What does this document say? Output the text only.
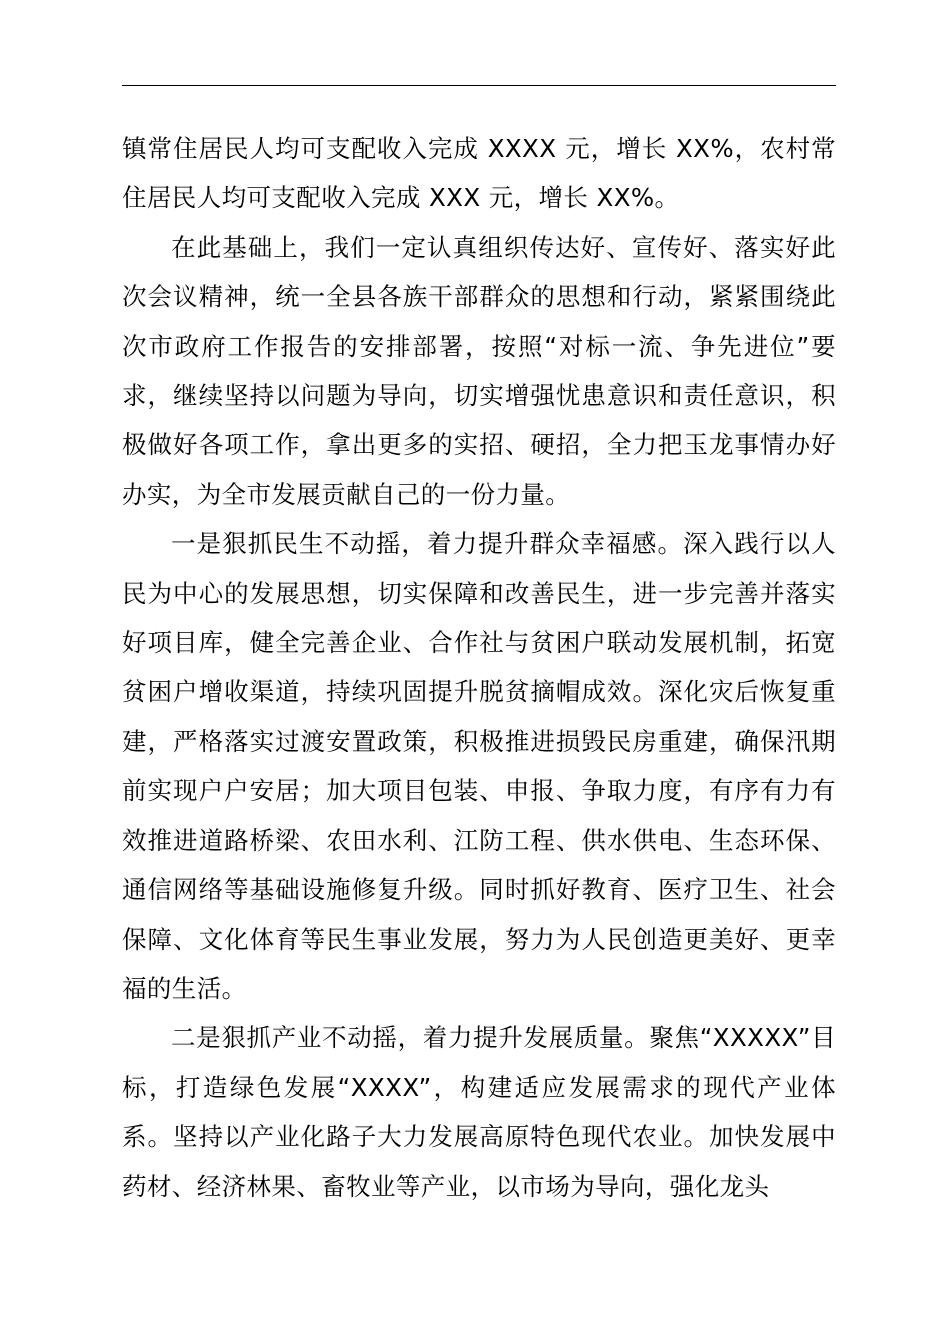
镇常住居民人均可支配收入完成 XXXX 元，增长 XX%，农村常住居民人均可支配收入完成 XXX 元，增长 XX%。

在此基础上，我们一定认真组织传达好、宣传好、落实好此次会议精神，统一全县各族干部群众的思想和行动，紧紧围绕此次市政府工作报告的安排部署，按照“对标一流、争先进位”要求，继续坚持以问题为导向，切实增强忧患意识和责任意识，积极做好各项工作，拿出更多的实招、硬招，全力把玉龙事情办好办实，为全市发展贡献自己的一份力量。

一是狠抓民生不动摇，着力提升群众幸福感。深入践行以人民为中心的发展思想，切实保障和改善民生，进一步完善并落实好项目库，健全完善企业、合作社与贫困户联动发展机制，拓宽贫困户增收渠道，持续巩固提升脱贫摘帽成效。深化灾后恢复重建，严格落实过渡安置政策，积极推进损毁民房重建，确保汛期前实现户户安居；加大项目包装、申报、争取力度，有序有力有效推进道路桥梁、农田水利、江防工程、供水供电、生态环保、通信网络等基础设施修复升级。同时抓好教育、医疗卫生、社会保障、文化体育等民生事业发展，努力为人民创造更美好、更幸福的生活。

二是狠抓产业不动摇，着力提升发展质量。聚焦“XXXXX”目标，打造绿色发展“XXXX”，构建适应发展需求的现代产业体系。坚持以产业化路子大力发展高原特色现代农业。加快发展中药材、经济林果、畜牧业等产业，以市场为导向，强化龙头
